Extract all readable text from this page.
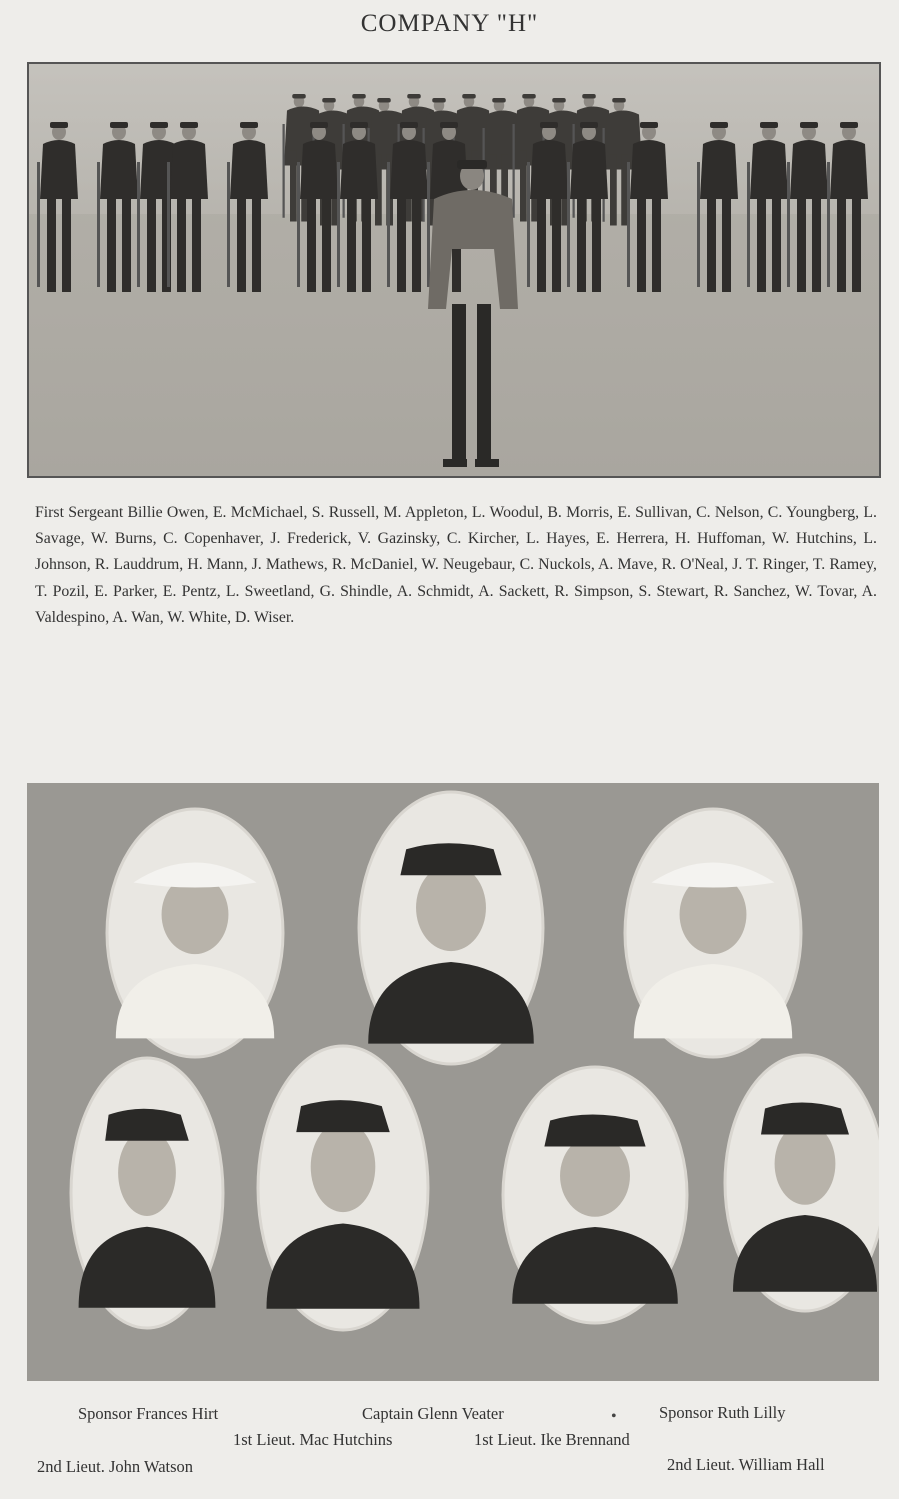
COMPANY "H"
First Sergeant Billie Owen, E. McMichael, S. Russell, M. Appleton, L. Woodul, B. Morris, E. Sullivan, C. Nelson, C. Youngberg, L. Savage, W. Burns, C. Copenhaver, J. Frederick, V. Gazinsky, C. Kircher, L. Hayes, E. Herrera, H. Huffoman, W. Hutchins, L. Johnson, R. Lauddrum, H. Mann, J. Mathews, R. McDaniel, W. Neugebaur, C. Nuckols, A. Mave, R. O'Neal, J. T. Ringer, T. Ramey, T. Pozil, E. Parker, E. Pentz, L. Sweetland, G. Shindle, A. Schmidt, A. Sackett, R. Simpson, S. Stewart, R. Sanchez, W. Tovar, A. Valdespino, A. Wan, W. White, D. Wiser.
Sponsor Frances Hirt	Captain Glenn Veater	Sponsor Ruth Lilly
1st Lieut. Mac Hutchins	1st Lieut. Ike Brennand
2nd Lieut. John Watson	2nd Lieut. William Hall
•
